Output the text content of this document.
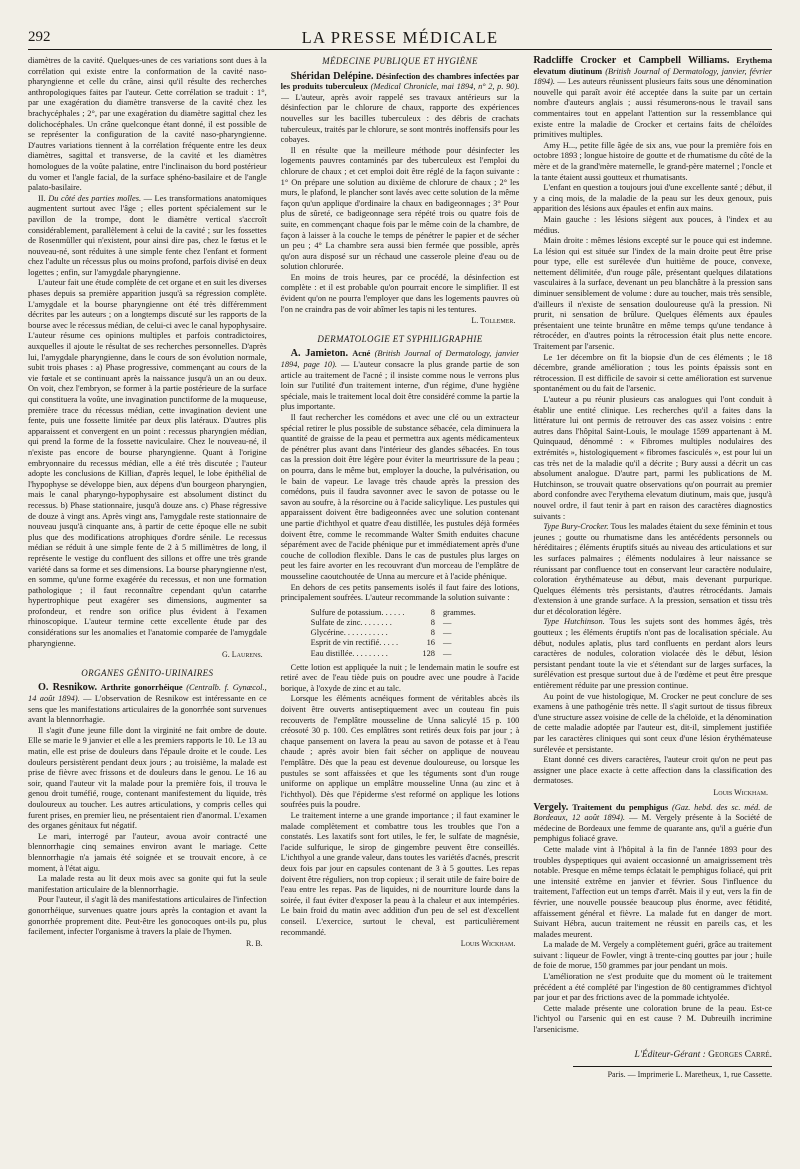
292	LA PRESSE MÉDICALE

diamètres de la cavité. Quelques-unes de ces variations sont dues à la corrélation qui existe entre la conformation de la cavité naso-pharyngienne et celle du crâne, ainsi qu'il résulte des recherches anthropologiques faites par l'auteur. Cette corrélation se traduit : 1°, par une exagération du diamètre transverse de la cavité chez les brachycéphales ; 2°, par une exagération du diamètre sagittal chez les dolichocéphales. Un crâne quelconque étant donné, il est possible de se représenter la configuration de la cavité naso-pharyngienne. D'autres variations tiennent à la corrélation fréquente entre les deux diamètres, sagittal et transverse, de la cavité et les diamètres homologues de la voûte palatine, entre l'inclinaison du bord postérieur du vomer et l'angle facial, de la surface sphéno-basilaire et de l'angle palato-basilaire.

II. Du côté des parties molles. — Les transformations anatomiques augmentent surtout avec l'âge ; elles portent spécialement sur le pavillon de la trompe, dont le diamètre vertical s'accroît considérablement, parallèlement à celui de la cavité ; sur les fossettes de Rosenmüller qui n'existent, pour ainsi dire pas, chez le fœtus et le nouveau-né, sont réduites à une simple fente chez l'enfant et forment chez l'adulte un récessus plus ou moins profond, parfois divisé en deux logettes ; enfin, sur l'amygdale pharyngienne.

L'auteur fait une étude complète de cet organe et en suit les diverses phases depuis sa première apparition jusqu'à sa régression complète. L'amygdale et la bourse pharyngienne ont été très différemment décrites par les auteurs ; on a longtemps discuté sur les rapports de la bourse avec le récessus médian, de celui-ci avec le canal hypophysaire. L'auteur résume ces opinions multiples et parfois contradictoires, auxquelles il ajoute le résultat de ses recherches personnelles. D'après lui, l'amygdale pharyngienne, dans le cours de son évolution normale, subit trois phases : a) Phase progressive, commençant au cours de la vie fœtale et se continuant après la naissance jusqu'à un an ou deux. On voit, chez l'embryon, se former à la partie postérieure de la surface qui constituera la voûte, une invagination punctiforme de la muqueuse, première trace du récessus médian, cette invagination devient une fente, puis une fossette limitée par deux plis latéraux. D'autres plis apparaissent et convergent en un point : recessus pharyngien médian, qui prend la forme de la fossette naviculaire. Chez le nouveau-né, il n'existe pas encore de bourse pharyngienne. Quant à l'origine embryonnaire du recessus médian, elle a été très discutée ; l'auteur adopte les conclusions de Killian, d'après lequel, le lobe épithélial de l'hypophyse se développe bien, aux dépens d'un bourgeon pharyngien, mais le canal pharyngo-hypophysaire est absolument distinct du recessus. b) Phase stationnaire, jusqu'à douze ans. c) Phase régressive de douze à vingt ans. Après vingt ans, l'amygdale reste stationnaire de nouveau jusqu'à cinquante ans, à partir de cette époque elle ne subit plus que des modifications atrophiques d'ordre sénile. Le recessus médian se réduit à une simple fente de 2 à 5 millimètres de long, il représente le vestige du confluent des sillons et offre une très grande variété dans sa forme et ses dimensions. La bourse pharyngienne n'est, en somme, qu'une forme exagérée du recessus, et non une formation pathologique ; il faut reconnaître cependant qu'un catarrhe hypertrophique peut exagérer ses dimensions, augmenter sa profondeur, et rendre son orifice plus évident à l'examen rhinoscopique. L'auteur termine cette excellente étude par des considérations sur les anomalies et l'anatomie comparée de l'amygdale pharyngienne.

G. Laurens.
ORGANES GÉNITO-URINAIRES

O. Resnikow. Arthrite gonorrhéique (Centralb. f. Gynæcol., 14 août 1894). — L'observation de Resnikow est intéressante en ce sens que les manifestations articulaires de la gonorrhée sont survenues avant la blennorrhagie.

Il s'agit d'une jeune fille dont la virginité ne fait ombre de doute. Elle se marie le 9 janvier et elle a les premiers rapports le 10. Le 13 au matin, elle est prise de douleurs dans l'épaule droite et le coude. Les douleurs persistèrent pendant deux jours ; au troisième, la malade est prise de fièvre avec frissons et de douleurs dans le genou. Le 16 au soir, quand l'auteur vit la malade pour la première fois, il trouva le genou droit tuméfié, rouge, contenant manifestement du liquide, très douloureux au toucher. Les autres articulations, y compris celles qui furent prises, en premier lieu, ne présentaient rien d'anormal. L'examen des organes génitaux fut négatif.

Le mari, interrogé par l'auteur, avoua avoir contracté une blennorrhagie cinq semaines environ avant le mariage. Cette blennorrhagie n'a jamais été soignée et se trouvait encore, à ce moment, à l'état aigu.

La malade resta au lit deux mois avec sa gonite qui fut la seule manifestation articulaire de la blennorrhagie.

Pour l'auteur, il s'agit là des manifestations articulaires de l'infection gonorrhéique, survenues quatre jours après la contagion et avant la gonorrhée proprement dite. Peut-être les gonocoques ont-ils pu, plus facilement, infecter l'organisme à travers la plaie de l'hymen.

R. B.
MÉDECINE PUBLIQUE ET HYGIÈNE

Shéridan Delépine. Désinfection des chambres infectées par les produits tuberculeux (Medical Chronicle, mai 1894, n° 2, p. 90). — L'auteur, après avoir rappelé ses travaux antérieurs sur la désinfection par le chlorure de chaux, rapporte des expériences nouvelles sur les bacilles tuberculeux : des débris de crachats tuberculeux, traités par le chlorure, se sont montrés inoffensifs pour les cobayes.

Il en résulte que la meilleure méthode pour désinfecter les logements pauvres contaminés par des tuberculeux est l'emploi du chlorure de chaux ; et cet emploi doit être réglé de la façon suivante : 1° On prépare une solution au dixième de chlorure de chaux ; 2° les murs, le plafond, le plancher sont lavés avec cette solution de la même façon qu'un applique d'ordinaire la chaux en badigeonnages ; 3° Pour plus de sûreté, ce badigeonnage sera répété trois ou quatre fois de suite, en commençant chaque fois par le même coin de la chambre, de façon à laisser à la couche le temps de pénétrer le papier et de sécher un peu ; 4° La chambre sera aussi bien fermée que possible, après qu'on aura disposé sur un réchaud une casserole pleine d'eau ou de solution chlorurée.

En moins de trois heures, par ce procédé, la désinfection est complète : et il est probable qu'on pourrait encore le simplifier. Il est évident qu'on ne pourra l'employer que dans les logements pauvres où l'on ne craindra pas de voir abîmer les tapis ni les tentures.

L. Tollemer.
DERMATOLOGIE ET SYPHILIGRAPHIE

A. Jamieton. Acné (British Journal of Dermatology, janvier 1894, page 10). — L'auteur consacre la plus grande partie de son article au traitement de l'acné ; il insiste comme nous le verrons plus loin sur l'utilité d'un traitement interne, d'un régime, d'une hygiène spéciale, mais le traitement local doit être considéré comme la partie la plus importante.

Il faut rechercher les comédons et avec une clé ou un extracteur spécial retirer le plus possible de substance sébacée, cela diminuera la quantité de graisse de la peau et permettra aux agents médicamenteux de pénétrer plus avant dans l'intérieur des glandes sébacées. En tous cas la pression doit être légère pour éviter la meurtrissure de la peau ; on pourra, dans le même but, employer la douche, la pulvérisation, ou le bain de vapeur. Le lavage très chaude après la pression des comédons, puis il faudra savonner avec le savon de potasse ou le savon au soufre, à la résorcine ou à l'acide salicylique. Les pustules qui apparaissent doivent être badigeonnées avec une solution contenant une partie d'ichthyol et quatre d'eau distillée, les pustules déjà formées doivent être, comme le recommande Walter Smith enduites chacune séparément avec de l'acide phénique pur et immédiatement après d'une couche de collodion flexible. Dans le cas de pustules plus larges on peut les faire avorter en les recouvrant d'un morceau de l'emplâtre de mousseline caoutchoutée de Unna au mercure et à l'acide phénique.

En dehors de ces petits pansements isolés il faut faire des lotions, principalement soufrées. L'auteur recommande la solution suivante :

Sulfure de potassium. . . . . .	8	grammes.
Sulfate de zinc. . . . . . . .	8	—
Glycérine. . . . . . . . . . .	8	—
Esprit de vin rectifié. . . . .	16	—
Eau distillée. . . . . . . . .	128	—

Cette lotion est appliquée la nuit ; le lendemain matin le soufre est retiré avec de l'eau tiède puis on poudre avec une poudre à l'acide borique, à l'oxyde de zinc et au talc.

Lorsque les éléments acnéiques forment de véritables abcès ils doivent être ouverts antiseptiquement avec un couteau fin puis recouverts de l'emplâtre mousseline de Unna salicylé 15 p. 100 créosoté 30 p. 100. Ces emplâtres sont retirés deux fois par jour ; à chaque pansement on lavera la peau au savon de potasse et à l'eau chaude ; après avoir bien fait sécher on applique de nouveau l'emplâtre. Dès que la peau est devenue douloureuse, ou lorsque les pustules se sont affaissées et que les téguments sont d'un rouge uniforme on applique un emplâtre mousseline Unna (au zinc et à l'ichthyol). Dès que l'épiderme s'est reformé on applique les lotions soufrées puis la poudre.

Le traitement interne a une grande importance ; il faut examiner le malade complètement et combattre tous les troubles que l'on a constatés. Les laxatifs sont fort utiles, le fer, le sulfate de magnésie, l'acide sulfurique, le sirop de gingembre peuvent être conseillés. L'ichthyol a une grande valeur, dans toutes les variétés d'acnés, prescrit deux fois par jour en capsules contenant de 3 à 5 gouttes. Les repas doivent être réguliers, non trop copieux ; il serait utile de faire boire de l'eau entre les repas. Pas de liquides, ni de nourriture lourde dans la soirée, il faut éviter d'exposer la peau à la chaleur et aux intempéries. Le bain froid du matin avec addition d'un peu de sel est d'excellent conseil. L'exercice, surtout le cheval, est particulièrement recommandé.

Louis Wickham.

Radcliffe Crocker et Campbell Williams. Erythema elevatum diutinum (British Journal of Dermatology, janvier, février 1894). — Les auteurs réunissent plusieurs faits sous une dénomination nouvelle qui paraît avoir été acceptée dans la suite par un certain nombre d'auteurs anglais ; aussi résumerons-nous le travail sans commentaires tout en appelant l'attention sur la ressemblance qui existe entre la maladie de Crocker et certains faits de chéloïdes primitives multiples.

Amy H..., petite fille âgée de six ans, vue pour la première fois en octobre 1893 ; longue histoire de goutte et de rhumatisme du côté de la mère et de la grand'mère maternelle, le grand-père maternel ; l'oncle et la tante étaient aussi goutteux et rhumatisants.

L'enfant en question a toujours joui d'une excellente santé ; début, il y a cinq mois, de la maladie de la peau sur les deux genoux, puis apparition des lésions aux épaules et enfin aux mains.

Main gauche : les lésions siègent aux pouces, à l'index et au médius.

Main droite : mêmes lésions excepté sur le pouce qui est indemne. La lésion qui est située sur l'index de la main droite peut être prise pour type, elle est surélevée d'un huitième de pouce, convexe, nettement délimitée, d'un rouge pâle, présentant quelques dilatations vasculaires à la surface, devenant un peu blanchâtre à la pression sans diminuer sensiblement de volume : dure au toucher, mais très sensible, d'ailleurs il n'existe de sensation douloureuse qu'à la pression. Ni prurit, ni sensation de brûlure. Quelques éléments aux épaules présentaient une teinte brunâtre en même temps qu'une tendance à rétrocéder, en d'autres points la rétrocession était plus nette encore. Traitement par l'arsenic.

Le 1er décembre on fit la biopsie d'un de ces éléments ; le 18 décembre, grande amélioration ; tous les points épaissis sont en rétrocession. Il est difficile de savoir si cette amélioration est survenue spontanément ou du fait de l'arsenic.

L'auteur a pu réunir plusieurs cas analogues qui l'ont conduit à établir une entité clinique. Les recherches qu'il a faites dans la littérature lui ont permis de retrouver des cas assez voisins : entre autres dans l'hôpital Saint-Louis, le moulage 1599 appartenant à M. Quinquaud, dénommé : « Fibromes multiples nodulaires des extrémités », histologiquement « fibromes fasciculés », est pour lui un cas très net de la maladie qu'il a décrite ; Bury aussi a décrit un cas absolument analogue. D'autre part, parmi les publications de M. Hutchinson, se trouvait quatre observations qu'on pourrait au premier abord confondre avec l'erythema elevatum diutinum, mais que, jusqu'à nouvel ordre, il faut tenir à part en raison des caractères diagnostics suivants :

Type Bury-Crocker. Tous les malades étaient du sexe féminin et tous jeunes ; goutte ou rhumatisme dans les antécédents personnels ou héréditaires ; éléments éruptifs situés au niveau des articulations et sur les surfaces palmaires ; éléments nodulaires à leur naissance se réunissant par confluence tout en conservant leur caractère nodulaire, coloration érythémateuse au début, mais devenant purpurique. Quelques éléments très persistants, d'autres rétrocédants. Jamais d'extension à une grande surface. A la pression, sensation et tissu très dur et décoloration légère.

Type Hutchinson. Tous les sujets sont des hommes âgés, très goutteux ; les éléments éruptifs n'ont pas de localisation spéciale. Au début, nodules aplatis, plus tard confluents en perdant alors leurs caractères de nodules, coloration violacée dès le début, lésion persistant pendant toute la vie et s'étendant sur de larges surfaces, la surélévation est presque surtout due à de l'œdème et peut être presque entièrement réduite par une pression continue.

Au point de vue histologique, M. Crocker ne peut conclure de ses examens à une pathogénie très nette. Il s'agit surtout de tissus fibreux d'une structure assez voisine de celle de la chéloïde, et la dénomination de cette maladie adoptée par l'auteur est, dit-il, simplement justifiée par les caractères cliniques qui sont ceux d'une lésion érythémateuse surélevée et persistante.

Etant donné ces divers caractères, l'auteur croit qu'on ne peut pas assigner une place exacte à cette affection dans la classification des dermatoses.

Louis Wickham.

Vergely. Traitement du pemphigus (Gaz. hebd. des sc. méd. de Bordeaux, 12 août 1894). — M. Vergely présente à la Société de médecine de Bordeaux une femme de quarante ans, qu'il a guérie d'un pemphigus foliacé grave.

Cette malade vint à l'hôpital à la fin de l'année 1893 pour des troubles dyspeptiques qui avaient occasionné un amaigrissement très notable. Presque en même temps éclatait le pemphigus foliacé, qui prit une intensité extrême en janvier et février. Sous l'influence du traitement, l'affection eut un temps d'arrêt. Mais il y eut, vers la fin de février, une nouvelle poussée beaucoup plus énorme, avec fétidité, affaissement général et fièvre. La malade fut en danger de mort. Suivant Hébra, aucun traitement ne réussit en pareils cas, et les malades meurent.

La malade de M. Vergely a complètement guéri, grâce au traitement suivant : liqueur de Fowler, vingt à trente-cinq gouttes par jour ; huile de foie de morue, 150 grammes par jour pendant un mois.

L'amélioration ne s'est produite que du moment où le traitement précédent a été complété par l'ingestion de 80 centigrammes d'ichtyol par jour et par des frictions avec de la pommade ichtyolée.

Cette malade présente une coloration brune de la peau. Est-ce l'ichtyol ou l'arsenic qui en est cause ? M. Dubreuilh incrimine l'arsenicisme.

L'Éditeur-Gérant : Georges Carré.
Paris. — Imprimerie L. Maretheux, 1, rue Cassette.
